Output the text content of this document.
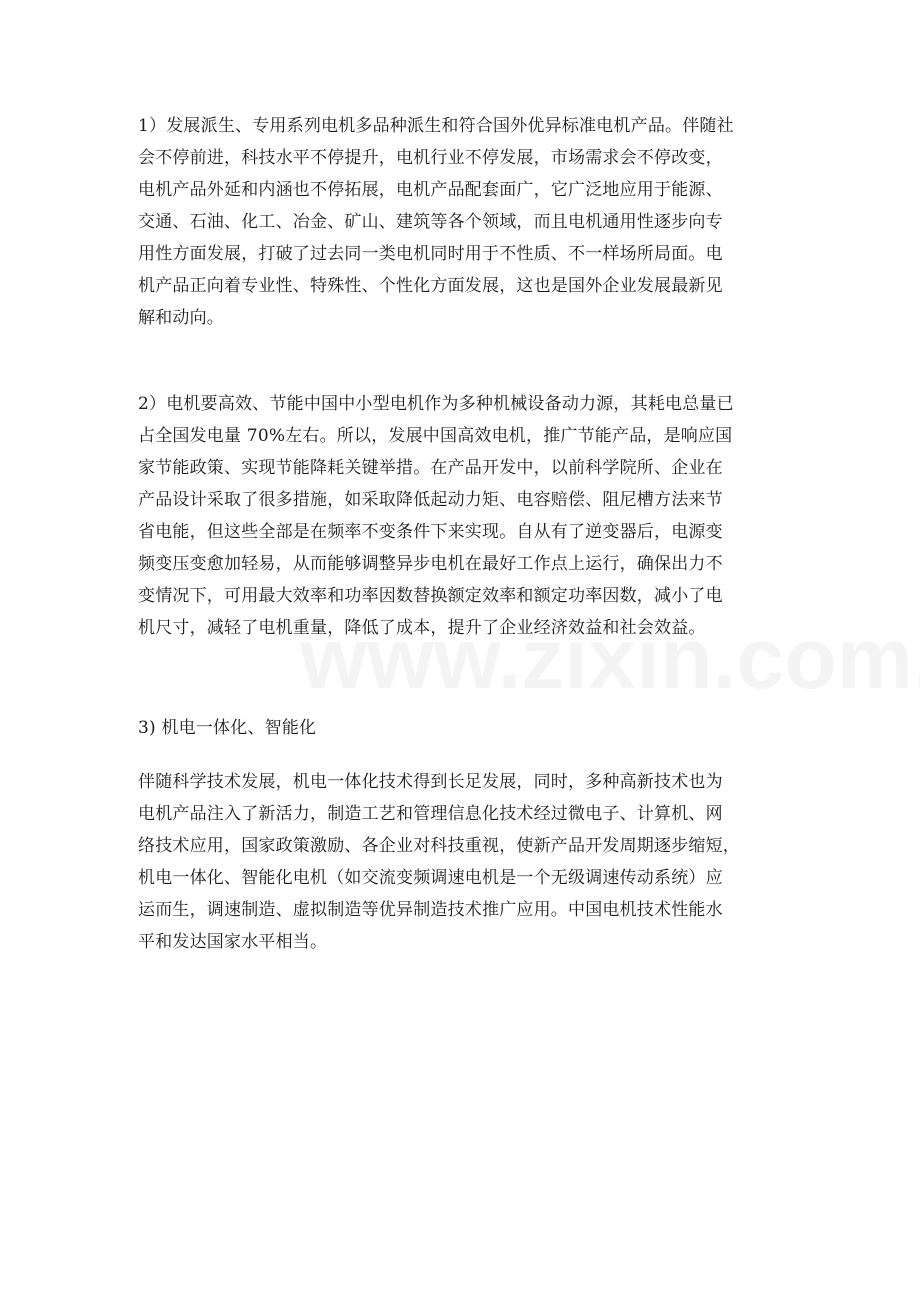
1）发展派生、专用系列电机多品种派生和符合国外优异标准电机产品。伴随社
会不停前进，科技水平不停提升，电机行业不停发展，市场需求会不停改变，
电机产品外延和内涵也不停拓展，电机产品配套面广，它广泛地应用于能源、
交通、石油、化工、冶金、矿山、建筑等各个领域，而且电机通用性逐步向专
用性方面发展，打破了过去同一类电机同时用于不性质、不一样场所局面。电
机产品正向着专业性、特殊性、个性化方面发展，这也是国外企业发展最新见
解和动向。
2）电机要高效、节能中国中小型电机作为多种机械设备动力源，其耗电总量已
占全国发电量 70%左右。所以，发展中国高效电机，推广节能产品，是响应国
家节能政策、实现节能降耗关键举措。在产品开发中，以前科学院所、企业在
产品设计采取了很多措施，如采取降低起动力矩、电容赔偿、阻尼槽方法来节
省电能，但这些全部是在频率不变条件下来实现。自从有了逆变器后，电源变
频变压变愈加轻易，从而能够调整异步电机在最好工作点上运行，确保出力不
变情况下，可用最大效率和功率因数替换额定效率和额定功率因数，减小了电
机尺寸，减轻了电机重量，降低了成本，提升了企业经济效益和社会效益。
3) 机电一体化、智能化
伴随科学技术发展，机电一体化技术得到长足发展，同时，多种高新技术也为
电机产品注入了新活力，制造工艺和管理信息化技术经过微电子、计算机、网
络技术应用，国家政策激励、各企业对科技重视，使新产品开发周期逐步缩短，
机电一体化、智能化电机（如交流变频调速电机是一个无级调速传动系统）应
运而生，调速制造、虚拟制造等优异制造技术推广应用。中国电机技术性能水
平和发达国家水平相当。
